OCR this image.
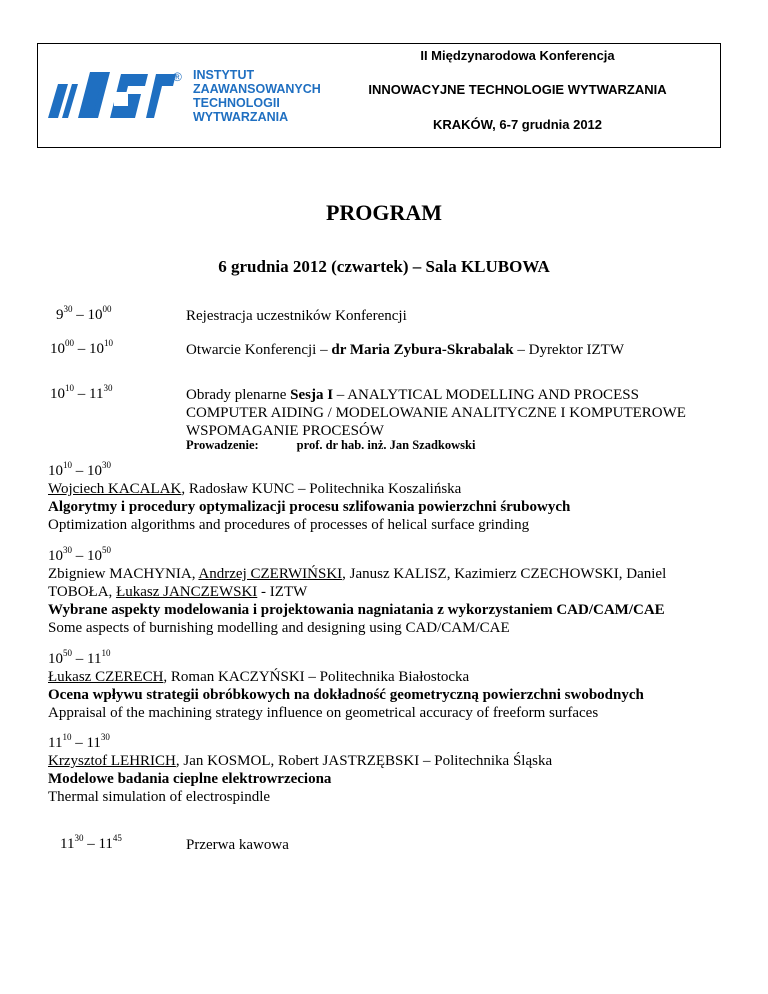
® INSTYTUT
ZAAWANSOWANYCH
TECHNOLOGII
WYTWARZANIA
II Międzynarodowa Konferencja
INNOWACYJNE TECHNOLOGIE WYTWARZANIA
KRAKÓW, 6-7 grudnia 2012
PROGRAM
6 grudnia 2012 (czwartek) – Sala KLUBOWA
$9^{30} - 10^{00}$	Rejestracja uczestników Konferencji
$10^{00} - 10^{10}$	Otwarcie Konferencji – dr Maria Zybura-Skrabalak – Dyrektor IZTW
$10^{10} - 11^{30}$	Obrady plenarne Sesja I – ANALYTICAL MODELLING AND PROCESS
COMPUTER AIDING / MODELOWANIE ANALITYCZNE I KOMPUTEROWE
WSPOMAGANIE PROCESÓW
Prowadzenie:	prof. dr hab. inż. Jan Szadkowski
$10^{10} - 10^{30}$
Wojciech KACALAK, Radosław KUNC – Politechnika Koszalińska
Algorytmy i procedury optymalizacji procesu szlifowania powierzchni śrubowych
Optimization algorithms and procedures of processes of helical surface grinding
$10^{30} - 10^{50}$
Zbigniew MACHYNIA, Andrzej CZERWIŃSKI, Janusz KALISZ, Kazimierz CZECHOWSKI, Daniel
TOBOŁA, Łukasz JANCZEWSKI - IZTW
Wybrane aspekty modelowania i projektowania nagniatania z wykorzystaniem CAD/CAM/CAE
Some aspects of burnishing modelling and designing using CAD/CAM/CAE
$10^{50} - 11^{10}$
Łukasz CZERECH, Roman KACZYŃSKI – Politechnika Białostocka
Ocena wpływu strategii obróbkowych na dokładność geometryczną powierzchni swobodnych
Appraisal of the machining strategy influence on geometrical accuracy of freeform surfaces
$11^{10} - 11^{30}$
Krzysztof LEHRICH, Jan KOSMOL, Robert JASTRZĘBSKI – Politechnika Śląska
Modelowe badania cieplne elektrowrzeciona
Thermal simulation of electrospindle
$11^{30} - 11^{45}$	Przerwa kawowa
